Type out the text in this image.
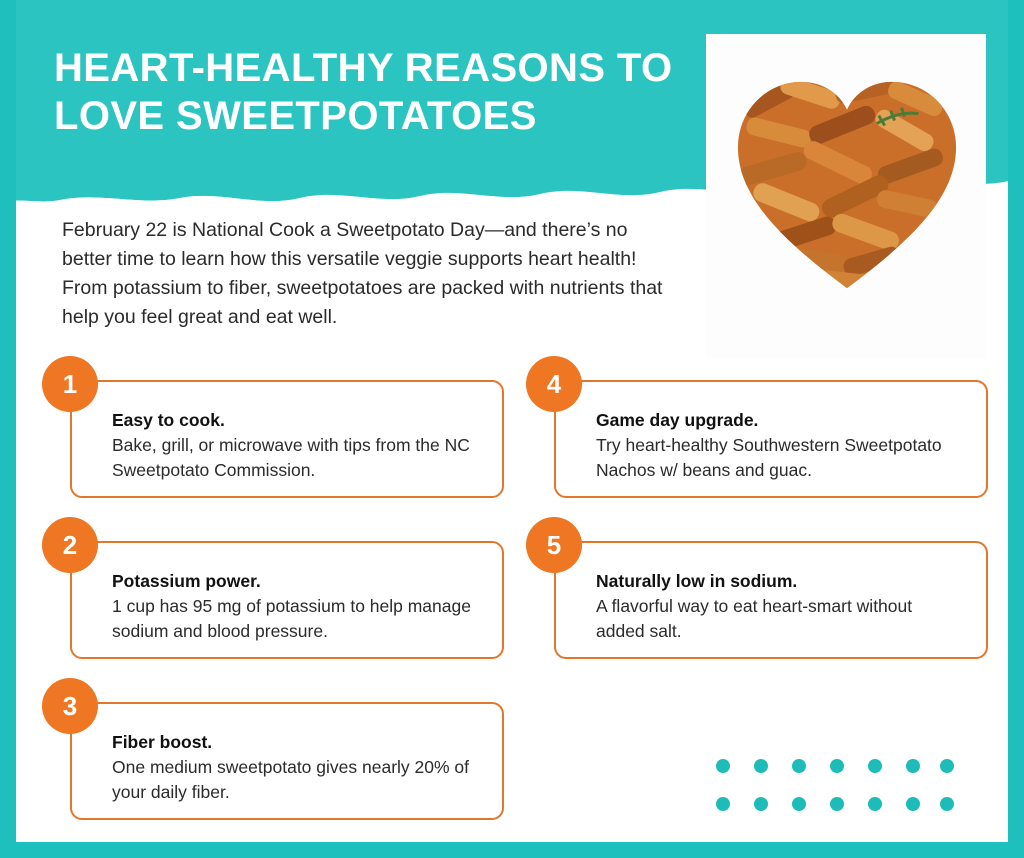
HEART-HEALTHY REASONS TO LOVE SWEETPOTATOES
February 22 is National Cook a Sweetpotato Day—and there’s no better time to learn how this versatile veggie supports heart health! From potassium to fiber, sweetpotatoes are packed with nutrients that help you feel great and eat well.
1
Easy to cook.
Bake, grill, or microwave with tips from the NC Sweetpotato Commission.
2
Potassium power.
1 cup has 95 mg of potassium to help manage sodium and blood pressure.
3
Fiber boost.
One medium sweetpotato gives nearly 20% of your daily fiber.
4
Game day upgrade.
Try heart-healthy Southwestern Sweetpotato Nachos w/ beans and guac.
5
Naturally low in sodium.
A flavorful way to eat heart-smart without added salt.
